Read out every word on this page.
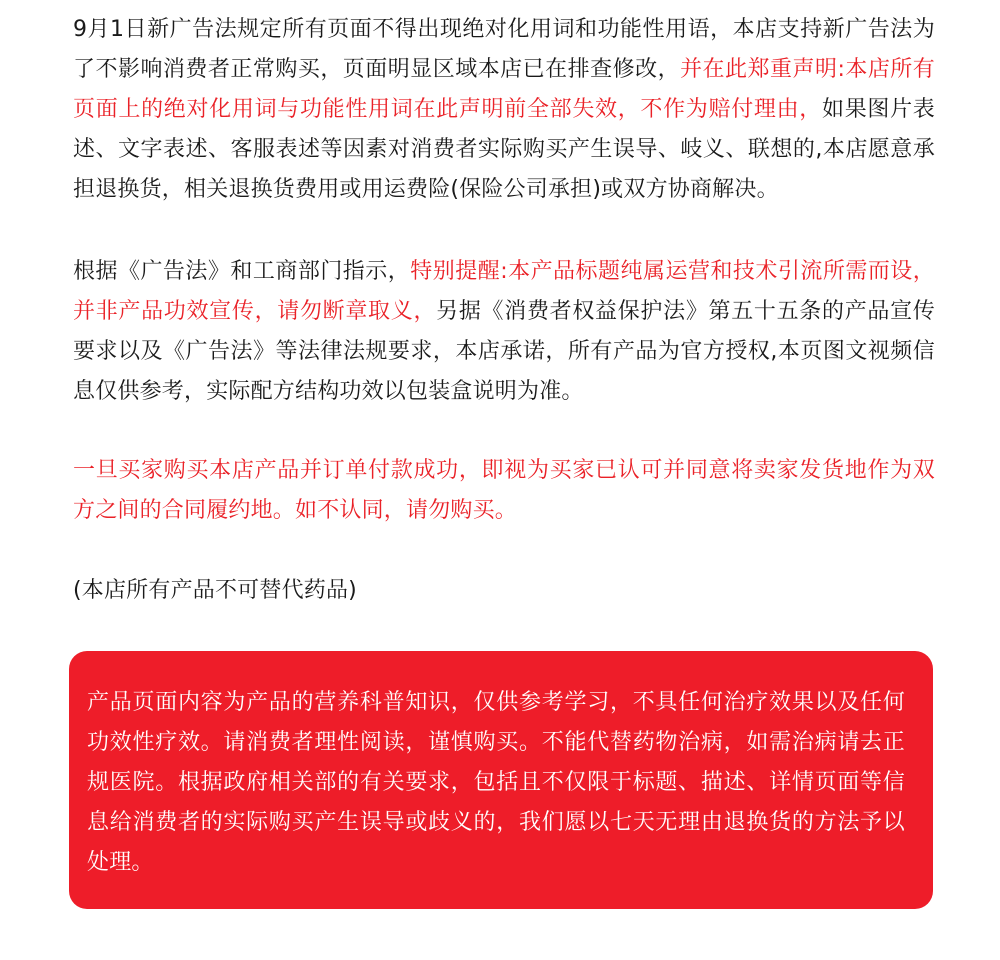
9月1日新广告法规定所有页面不得出现绝对化用词和功能性用语，本店支持新广告法为了不影响消费者正常购买，页面明显区域本店已在排查修改，并在此郑重声明:本店所有页面上的绝对化用词与功能性用词在此声明前全部失效，不作为赔付理由，如果图片表述、文字表述、客服表述等因素对消费者实际购买产生误导、岐义、联想的,本店愿意承担退换货，相关退换货费用或用运费险(保险公司承担)或双方协商解决。

根据《广告法》和工商部门指示，特别提醒:本产品标题纯属运营和技术引流所需而设，并非产品功效宣传，请勿断章取义，另据《消费者权益保护法》第五十五条的产品宣传要求以及《广告法》等法律法规要求，本店承诺，所有产品为官方授权,本页图文视频信息仅供参考，实际配方结构功效以包装盒说明为准。

一旦买家购买本店产品并订单付款成功，即视为买家已认可并同意将卖家发货地作为双方之间的合同履约地。如不认同，请勿购买。

(本店所有产品不可替代药品)

产品页面内容为产品的营养科普知识，仅供参考学习，不具任何治疗效果以及任何功效性疗效。请消费者理性阅读，谨慎购买。不能代替药物治病，如需治病请去正规医院。根据政府相关部的有关要求，包括且不仅限于标题、描述、详情页面等信息给消费者的实际购买产生误导或歧义的，我们愿以七天无理由退换货的方法予以处理。
